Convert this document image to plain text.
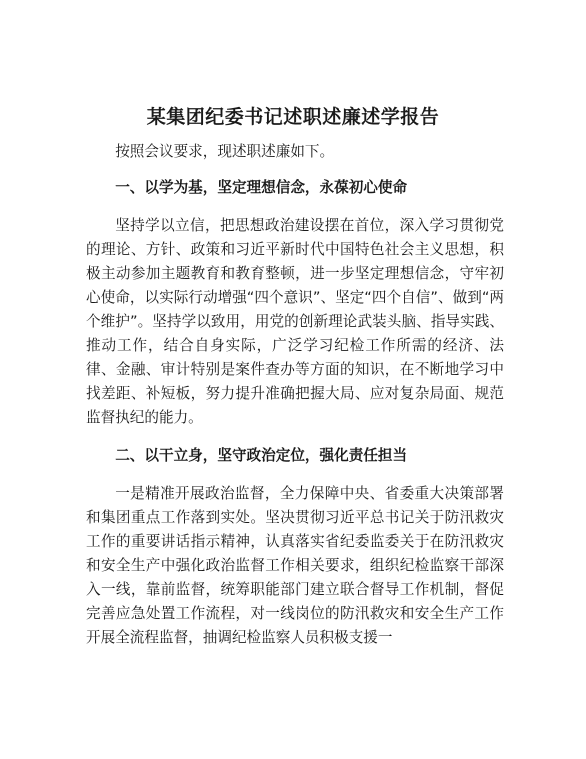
某集团纪委书记述职述廉述学报告

按照会议要求，现述职述廉如下。

一、以学为基，坚定理想信念，永葆初心使命

坚持学以立信，把思想政治建设摆在首位，深入学习贯彻党的理论、方针、政策和习近平新时代中国特色社会主义思想，积极主动参加主题教育和教育整顿，进一步坚定理想信念，守牢初心使命，以实际行动增强“四个意识”、坚定“四个自信”、做到“两个维护”。坚持学以致用，用党的创新理论武装头脑、指导实践、推动工作，结合自身实际，广泛学习纪检工作所需的经济、法律、金融、审计特别是案件查办等方面的知识，在不断地学习中找差距、补短板，努力提升准确把握大局、应对复杂局面、规范监督执纪的能力。

二、以干立身，坚守政治定位，强化责任担当

一是精准开展政治监督，全力保障中央、省委重大决策部署和集团重点工作落到实处。坚决贯彻习近平总书记关于防汛救灾工作的重要讲话指示精神，认真落实省纪委监委关于在防汛救灾和安全生产中强化政治监督工作相关要求，组织纪检监察干部深入一线，靠前监督，统筹职能部门建立联合督导工作机制，督促完善应急处置工作流程，对一线岗位的防汛救灾和安全生产工作开展全流程监督，抽调纪检监察人员积极支援一
